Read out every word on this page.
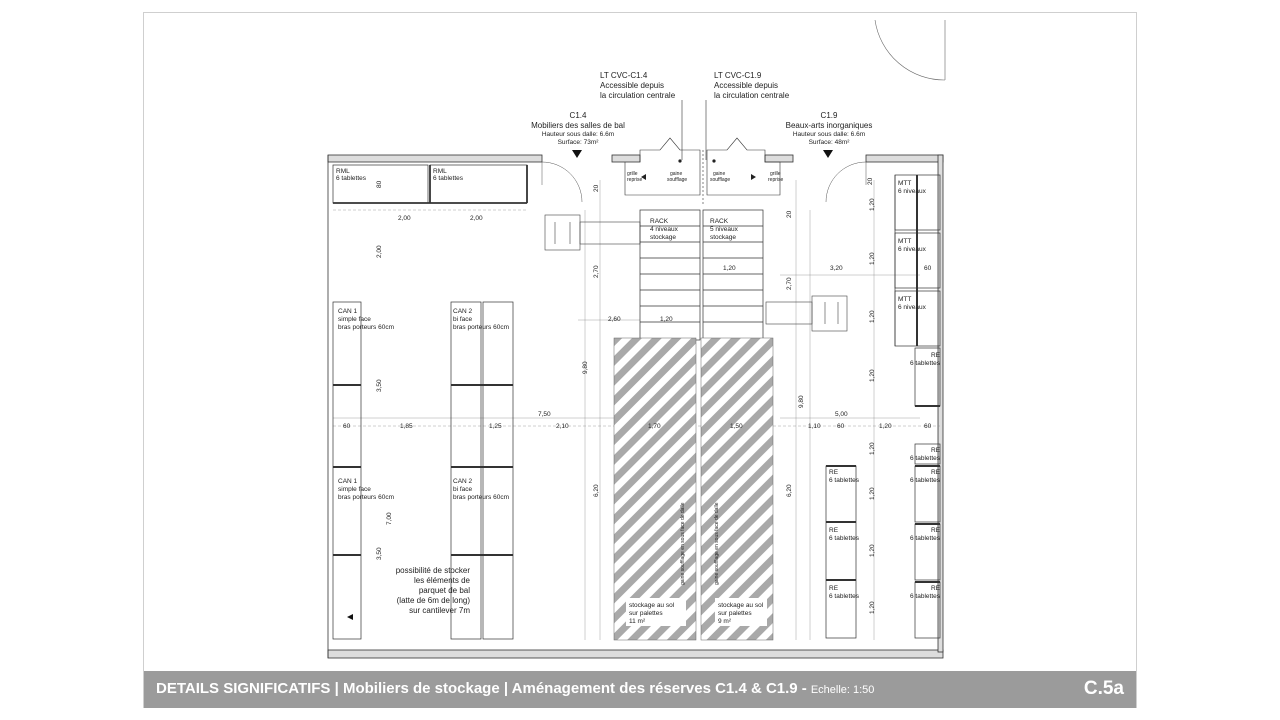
LT CVC-C1.4
Accessible depuis
la circulation centrale
LT CVC-C1.9
Accessible depuis
la circulation centrale
C1.4
Mobiliers des salles de bal
Hauteur sous dalle: 6.6m
Surface: 73m²
C1.9
Beaux-arts inorganiques
Hauteur sous dalle: 6.6m
Surface: 48m²
grille
reprise
gaine
soufflage
gaine
soufflage
grille
reprise
RML
6 tablettes
RML
6 tablettes
RACK
4 niveaux
stockage
RACK
5 niveaux
stockage
CAN 1
simple face
bras porteurs 60cm
CAN 2
bi face
bras porteurs 60cm
CAN 1
simple face
bras porteurs 60cm
CAN 2
bi face
bras porteurs 60cm
MTT
6 niveaux
MTT
6 niveaux
MTT
6 niveaux
RE
6 tablettes
RE
6 tablettes
RE
6 tablettes
RE
6 tablettes
RE
6 tablettes
RE
6 tablettes
RE
6 tablettes
RE
6 tablettes
possibilité de stocker
les éléments de
parquet de bal
(latte de 6m de long)
sur cantilever 7m
stockage au sol
sur palettes
11 m²
stockage au sol
sur palettes
9 m²
gaine soufflage en sous face de dalle	gaine soufflage en sous face de dalle
2,00	2,00
80
2,00
20
20
20
2,70
2,70
1,20
1,20
3,20	60
2,60
9,80
9,80
3,50
3,50
7,00
7,50	5,00
60	1,85	1,25	2,10	1,70	1,50	1,10	60	1,20	60
6,20	6,20
1,20
1,20
1,20
1,20
1,20
1,20
1,20
1,20
DETAILS SIGNIFICATIFS | Mobiliers de stockage | Aménagement des réserves C1.4 & C1.9 - Echelle: 1:50	C.5a
